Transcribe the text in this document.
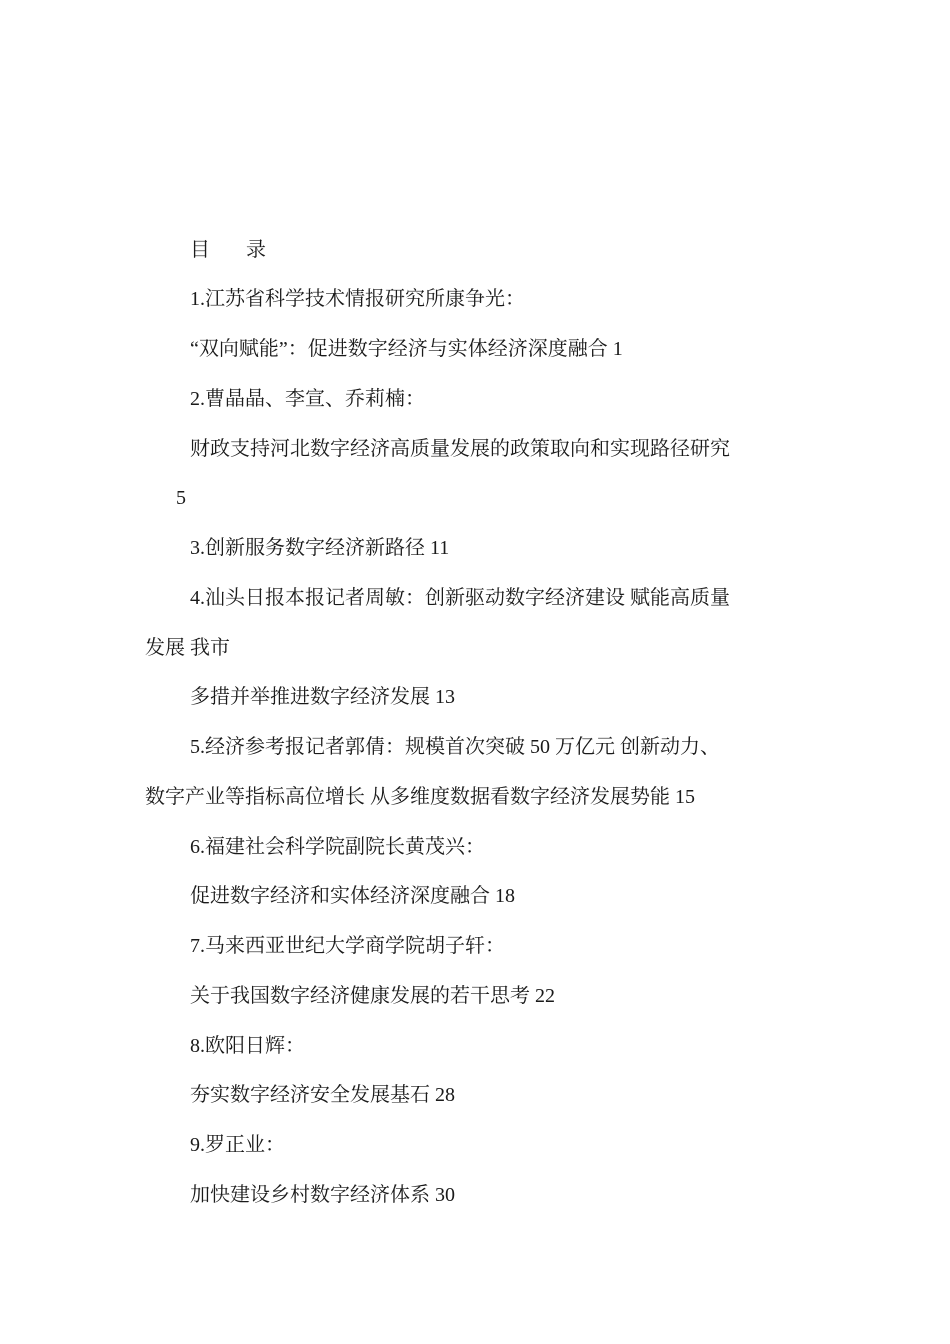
目 录
1.江苏省科学技术情报研究所康争光：
“双向赋能”：促进数字经济与实体经济深度融合 1
2.曹晶晶、李宣、乔莉楠：
财政支持河北数字经济高质量发展的政策取向和实现路径研究
5
3.创新服务数字经济新路径 11
4.汕头日报本报记者周敏：创新驱动数字经济建设 赋能高质量
发展 我市
多措并举推进数字经济发展 13
5.经济参考报记者郭倩：规模首次突破 50 万亿元 创新动力、
数字产业等指标高位增长 从多维度数据看数字经济发展势能 15
6.福建社会科学院副院长黄茂兴：
促进数字经济和实体经济深度融合 18
7.马来西亚世纪大学商学院胡子轩：
关于我国数字经济健康发展的若干思考 22
8.欧阳日辉：
夯实数字经济安全发展基石 28
9.罗正业：
加快建设乡村数字经济体系 30
